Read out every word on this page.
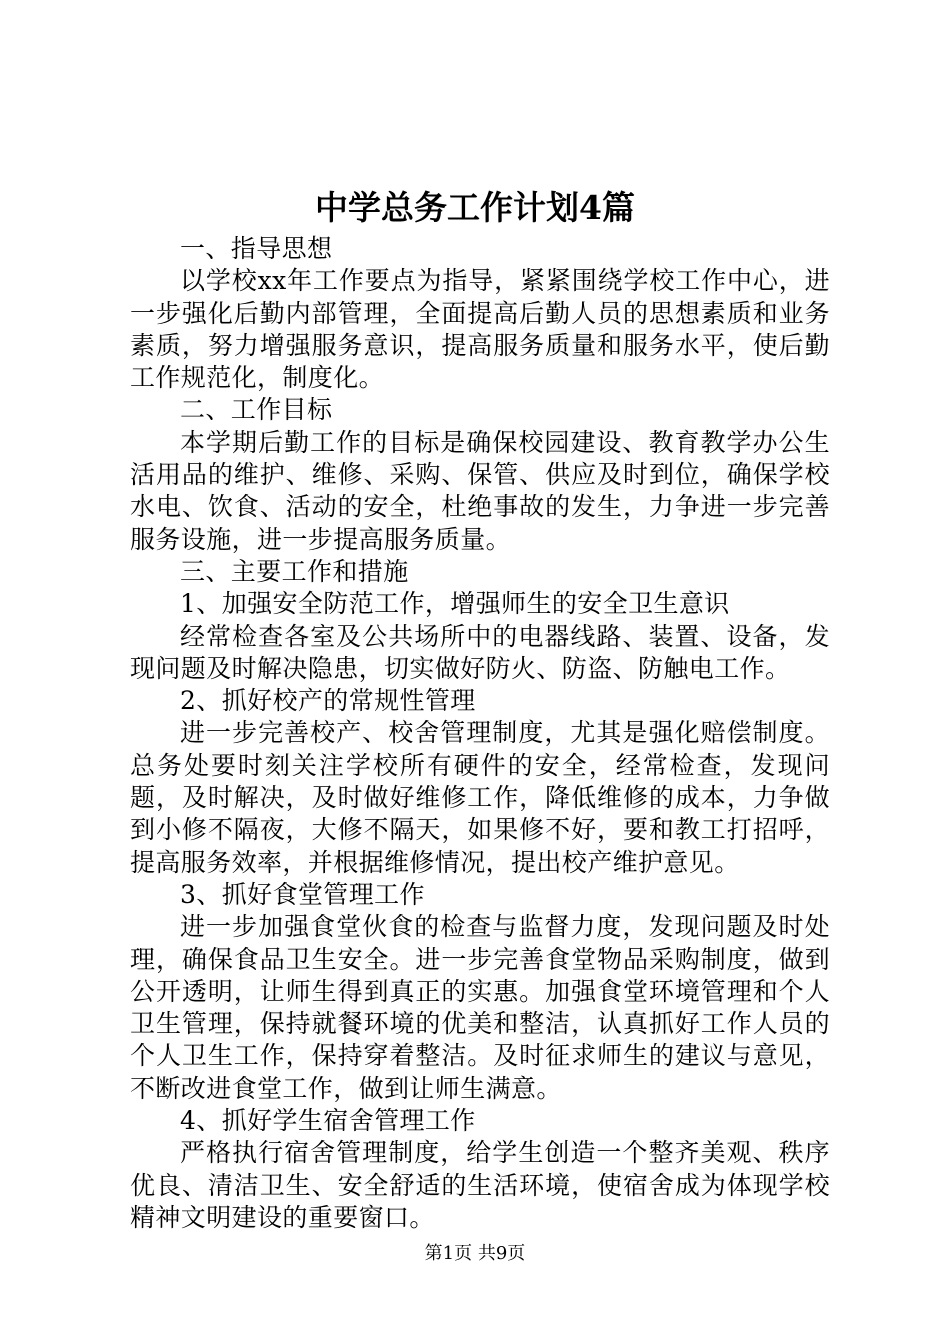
中学总务工作计划4篇

一、指导思想

以学校xx年工作要点为指导，紧紧围绕学校工作中心，进一步强化后勤内部管理，全面提高后勤人员的思想素质和业务素质，努力增强服务意识，提高服务质量和服务水平，使后勤工作规范化，制度化。

二、工作目标

本学期后勤工作的目标是确保校园建设、教育教学办公生活用品的维护、维修、采购、保管、供应及时到位，确保学校水电、饮食、活动的安全，杜绝事故的发生，力争进一步完善服务设施，进一步提高服务质量。

三、主要工作和措施

1、加强安全防范工作，增强师生的安全卫生意识

经常检查各室及公共场所中的电器线路、装置、设备，发现问题及时解决隐患，切实做好防火、防盗、防触电工作。

2、抓好校产的常规性管理

进一步完善校产、校舍管理制度，尤其是强化赔偿制度。总务处要时刻关注学校所有硬件的安全，经常检查，发现问题，及时解决，及时做好维修工作，降低维修的成本，力争做到小修不隔夜，大修不隔天，如果修不好，要和教工打招呼，提高服务效率，并根据维修情况，提出校产维护意见。

3、抓好食堂管理工作

进一步加强食堂伙食的检查与监督力度，发现问题及时处理，确保食品卫生安全。进一步完善食堂物品采购制度，做到公开透明，让师生得到真正的实惠。加强食堂环境管理和个人卫生管理，保持就餐环境的优美和整洁，认真抓好工作人员的个人卫生工作，保持穿着整洁。及时征求师生的建议与意见，不断改进食堂工作，做到让师生满意。

4、抓好学生宿舍管理工作

严格执行宿舍管理制度，给学生创造一个整齐美观、秩序优良、清洁卫生、安全舒适的生活环境，使宿舍成为体现学校精神文明建设的重要窗口。

第1页 共9页
